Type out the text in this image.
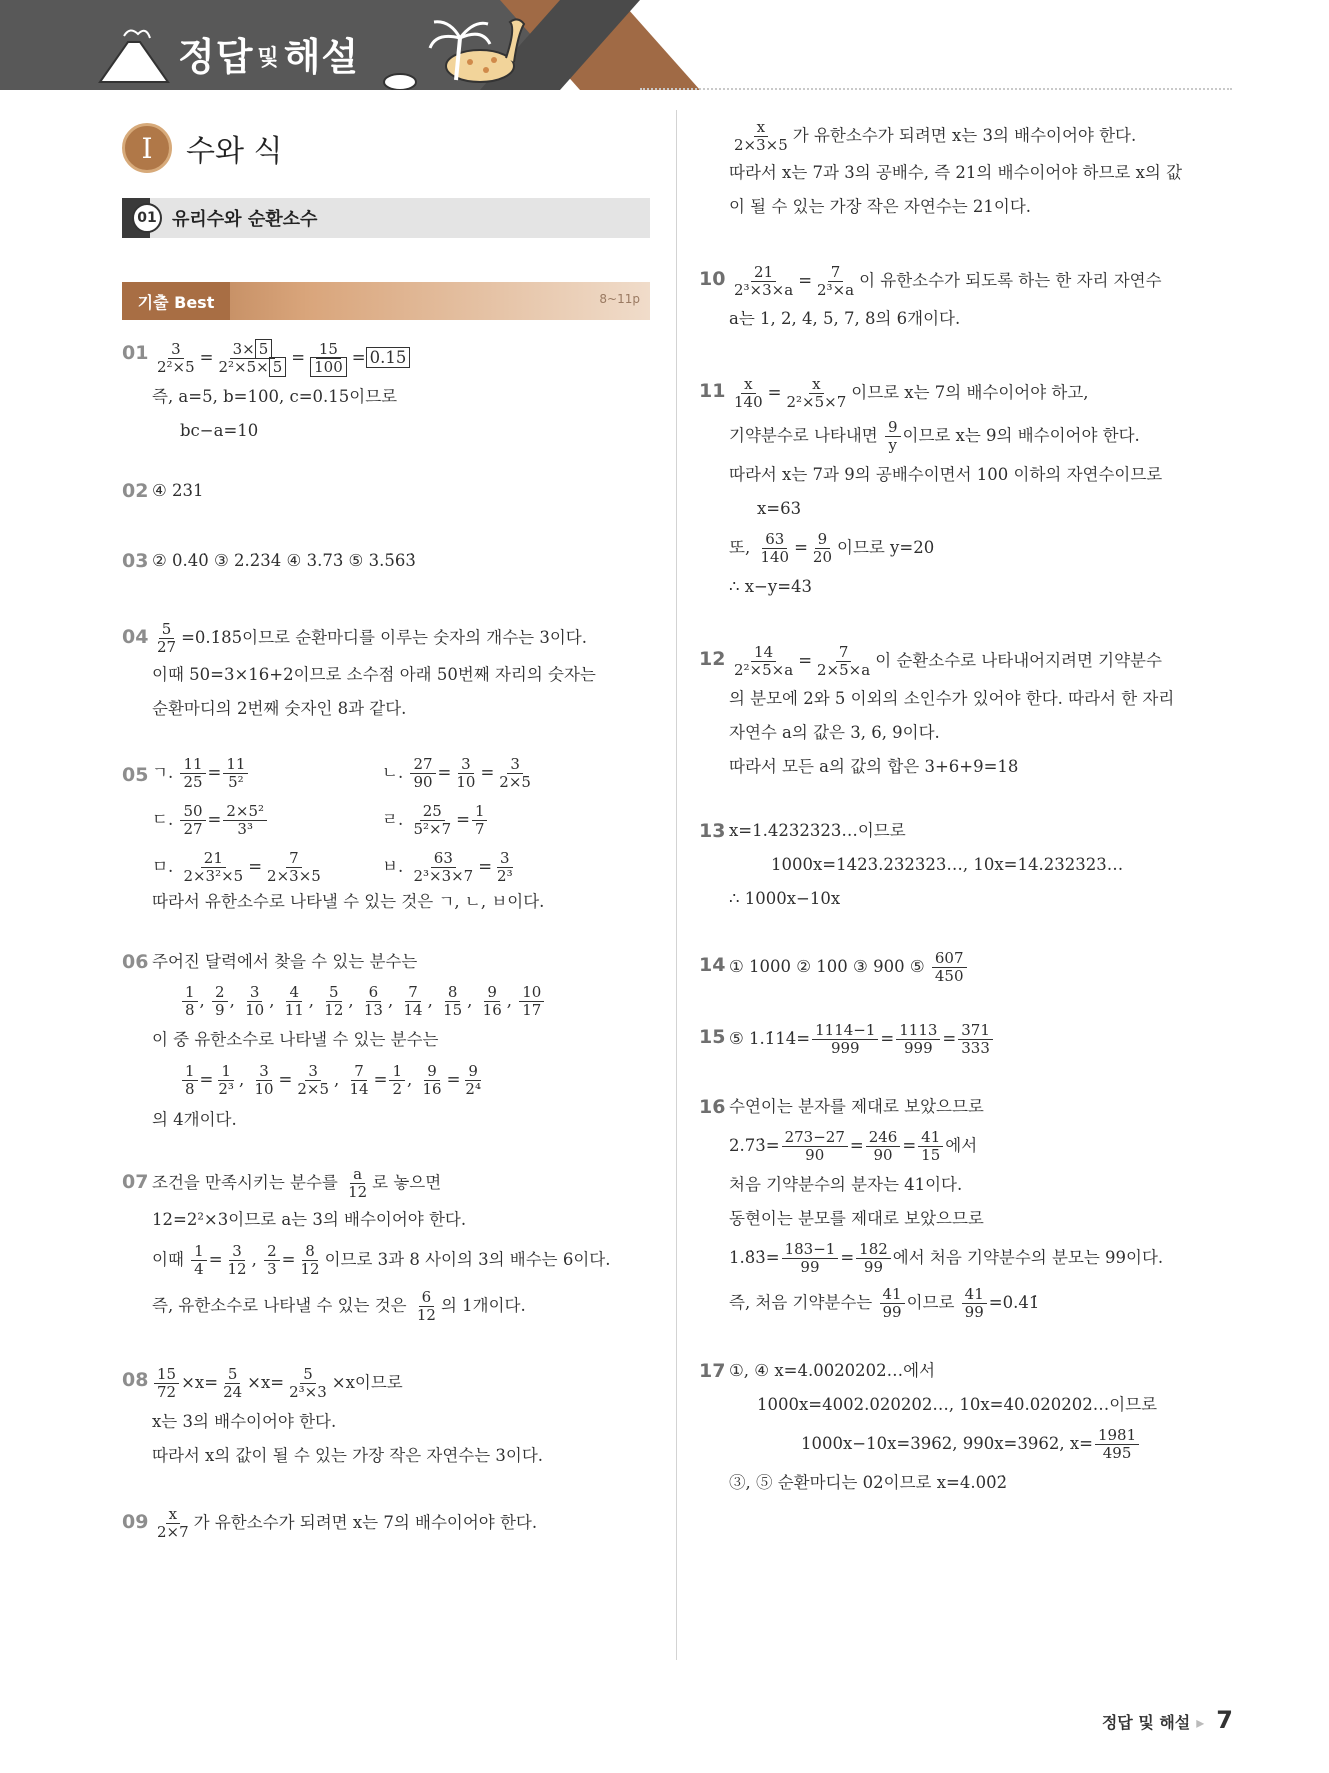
정답 및 해설
I 수와 식
01 유리수와 순환소수
기출 Best	8~11p
$01 \frac{3}{\text{2²×5}} = \frac{3\times 5}{\text{2²×5× 5}} = \frac{15}{100} = 0.15$
즉, a=5, b=100, c=0.15이므로
bc−a=10
02 ④ 231
03 ② 0.4̇0̇ ③ 2.2̇34̇ ④ 3.73̇ ⑤ 3.5̇63̇
$04 \frac{5}{27}$ =0.1̇85̇이므로 순환마디를 이루는 숫자의 개수는 3이다.
이때 50=3×16+2이므로 소수점 아래 50번째 자리의 숫자는
순환마디의 2번째 숫자인 8과 같다.
05 ㄱ. $\frac{11}{25} = \frac{11}{\text{5²}}$	ㄴ. $\frac{27}{90} = \frac{3}{10} = \frac{3}{2\times 5}$
ㄷ. $\frac{50}{27} = \frac{\text{2×5²}}{\text{3³}}$	ㄹ. $\frac{25}{\text{5²×7}} = \frac{1}{7}$
ㅁ. $\frac{21}{\text{2×3²×5}} = \frac{7}{2\times 3\times 5}$	ㅂ. $\frac{63}{\text{2³×3×7}} = \frac{3}{\text{2³}}$
따라서 유한소수로 나타낼 수 있는 것은 ㄱ, ㄴ, ㅂ이다.
06 주어진 달력에서 찾을 수 있는 분수는
$\frac{1}{8}$ , $\frac{2}{9}$ , $\frac{3}{10}$ , $\frac{4}{11}$ , $\frac{5}{12}$ , $\frac{6}{13}$ , $\frac{7}{14}$ , $\frac{8}{15}$ , $\frac{9}{16}$ , $\frac{10}{17}$
이 중 유한소수로 나타낼 수 있는 분수는
$\frac{1}{8} = \frac{1}{\text{2³}}$ , $\frac{3}{10} = \frac{3}{2\times 5}$ , $\frac{7}{14} = \frac{1}{2}$ , $\frac{9}{16} = \frac{9}{\text{2⁴}}$
의 4개이다.
07 조건을 만족시키는 분수를 $\frac{a}{12}$ 로 놓으면
12=2²×3이므로 a는 3의 배수이어야 한다.
이때 $\frac{1}{4} = \frac{3}{12}$ , $\frac{2}{3} = \frac{8}{12}$ 이므로 3과 8 사이의 3의 배수는 6이다.
즉, 유한소수로 나타낼 수 있는 것은 $\frac{6}{12}$ 의 1개이다.
$08 \frac{15}{72} \times x= \frac{5}{24} \times x= \frac{5}{\text{2³×3}} \times x$이므로
x는 3의 배수이어야 한다.
따라서 x의 값이 될 수 있는 가장 작은 자연수는 3이다.
$09 \frac{x}{2\times 7}$ 가 유한소수가 되려면 x는 7의 배수이어야 한다.
$\frac{x}{2\times 3\times 5}$ 가 유한소수가 되려면 x는 3의 배수이어야 한다.
따라서 x는 7과 3의 공배수, 즉 21의 배수이어야 하므로 x의 값
이 될 수 있는 가장 작은 자연수는 21이다.
$10 \frac{21}{\text{2³×3×a}} = \frac{7}{\text{2³×a}}$ 이 유한소수가 되도록 하는 한 자리 자연수
a는 1, 2, 4, 5, 7, 8의 6개이다.
$11 \frac{x}{140} = \frac{x}{\text{2²×5×7}}$ 이므로 x는 7의 배수이어야 하고,
기약분수로 나타내면 $\frac{9}{y}$ 이므로 x는 9의 배수이어야 한다.
따라서 x는 7과 9의 공배수이면서 100 이하의 자연수이므로
x=63
또, $\frac{63}{140} = \frac{9}{20}$ 이므로 y=20
∴ x−y=43
$12 \frac{14}{\text{2²×5×a}} = \frac{7}{2\times 5\times a}$ 이 순환소수로 나타내어지려면 기약분수
의 분모에 2와 5 이외의 소인수가 있어야 한다. 따라서 한 자리
자연수 a의 값은 3, 6, 9이다.
따라서 모든 a의 값의 합은 3+6+9=18
13 x=1.4232323…이므로
1000x=1423.232323…, 10x=14.232323…
∴ 1000x−10x
14 ① 1000 ② 100 ③ 900 ⑤ $\frac{607}{450}$
15 ⑤ 1.1̇14̇= $\frac{1114-1}{999} = \frac{1113}{999} = \frac{371}{333}$
16 수연이는 분자를 제대로 보았으므로
2.73̇= $\frac{273-27}{90} = \frac{246}{90} = \frac{41}{15}$ 에서
처음 기약분수의 분자는 41이다.
동현이는 분모를 제대로 보았으므로
1.8̇3̇= $\frac{183-1}{99} = \frac{182}{99}$ 에서 처음 기약분수의 분모는 99이다.
즉, 처음 기약분수는 $\frac{41}{99}$ 이므로 $\frac{41}{99}$ =0.4̇1̇
17 ①, ④ x=4.0020202…에서
1000x=4002.020202…, 10x=40.020202…이므로
1000x−10x=3962, 990x=3962, $x= \frac{1981}{495}$
③, ⑤ 순환마디는 02이므로 x=4.00̇2̇
정답 및 해설 ▸ 7
